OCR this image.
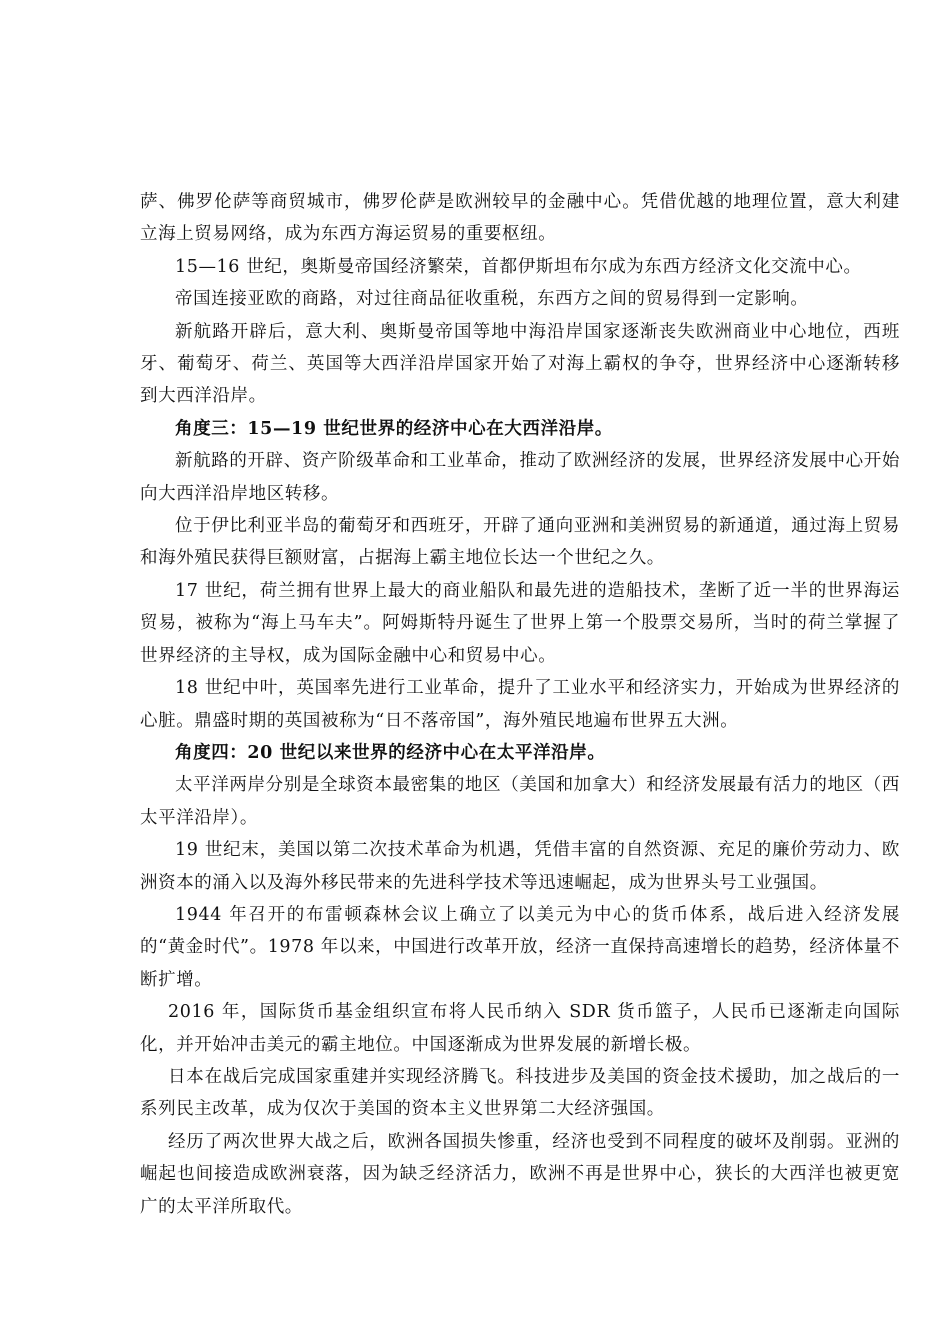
萨、佛罗伦萨等商贸城市，佛罗伦萨是欧洲较早的金融中心。凭借优越的地理位置，意大利建立海上贸易网络，成为东西方海运贸易的重要枢纽。

15—16 世纪，奥斯曼帝国经济繁荣，首都伊斯坦布尔成为东西方经济文化交流中心。

帝国连接亚欧的商路，对过往商品征收重税，东西方之间的贸易得到一定影响。

新航路开辟后，意大利、奥斯曼帝国等地中海沿岸国家逐渐丧失欧洲商业中心地位，西班牙、葡萄牙、荷兰、英国等大西洋沿岸国家开始了对海上霸权的争夺，世界经济中心逐渐转移到大西洋沿岸。

角度三：15—19 世纪世界的经济中心在大西洋沿岸。

新航路的开辟、资产阶级革命和工业革命，推动了欧洲经济的发展，世界经济发展中心开始向大西洋沿岸地区转移。

位于伊比利亚半岛的葡萄牙和西班牙，开辟了通向亚洲和美洲贸易的新通道，通过海上贸易和海外殖民获得巨额财富，占据海上霸主地位长达一个世纪之久。

17 世纪，荷兰拥有世界上最大的商业船队和最先进的造船技术，垄断了近一半的世界海运贸易，被称为“海上马车夫”。阿姆斯特丹诞生了世界上第一个股票交易所，当时的荷兰掌握了世界经济的主导权，成为国际金融中心和贸易中心。

18 世纪中叶，英国率先进行工业革命，提升了工业水平和经济实力，开始成为世界经济的心脏。鼎盛时期的英国被称为“日不落帝国”，海外殖民地遍布世界五大洲。

角度四：20 世纪以来世界的经济中心在太平洋沿岸。

太平洋两岸分别是全球资本最密集的地区（美国和加拿大）和经济发展最有活力的地区（西太平洋沿岸）。

19 世纪末，美国以第二次技术革命为机遇，凭借丰富的自然资源、充足的廉价劳动力、欧洲资本的涌入以及海外移民带来的先进科学技术等迅速崛起，成为世界头号工业强国。

1944 年召开的布雷顿森林会议上确立了以美元为中心的货币体系，战后进入经济发展的“黄金时代”。1978 年以来，中国进行改革开放，经济一直保持高速增长的趋势，经济体量不断扩增。

2016 年，国际货币基金组织宣布将人民币纳入 SDR 货币篮子，人民币已逐渐走向国际化，并开始冲击美元的霸主地位。中国逐渐成为世界发展的新增长极。

日本在战后完成国家重建并实现经济腾飞。科技进步及美国的资金技术援助，加之战后的一系列民主改革，成为仅次于美国的资本主义世界第二大经济强国。

经历了两次世界大战之后，欧洲各国损失惨重，经济也受到不同程度的破坏及削弱。亚洲的崛起也间接造成欧洲衰落，因为缺乏经济活力，欧洲不再是世界中心，狭长的大西洋也被更宽广的太平洋所取代。
